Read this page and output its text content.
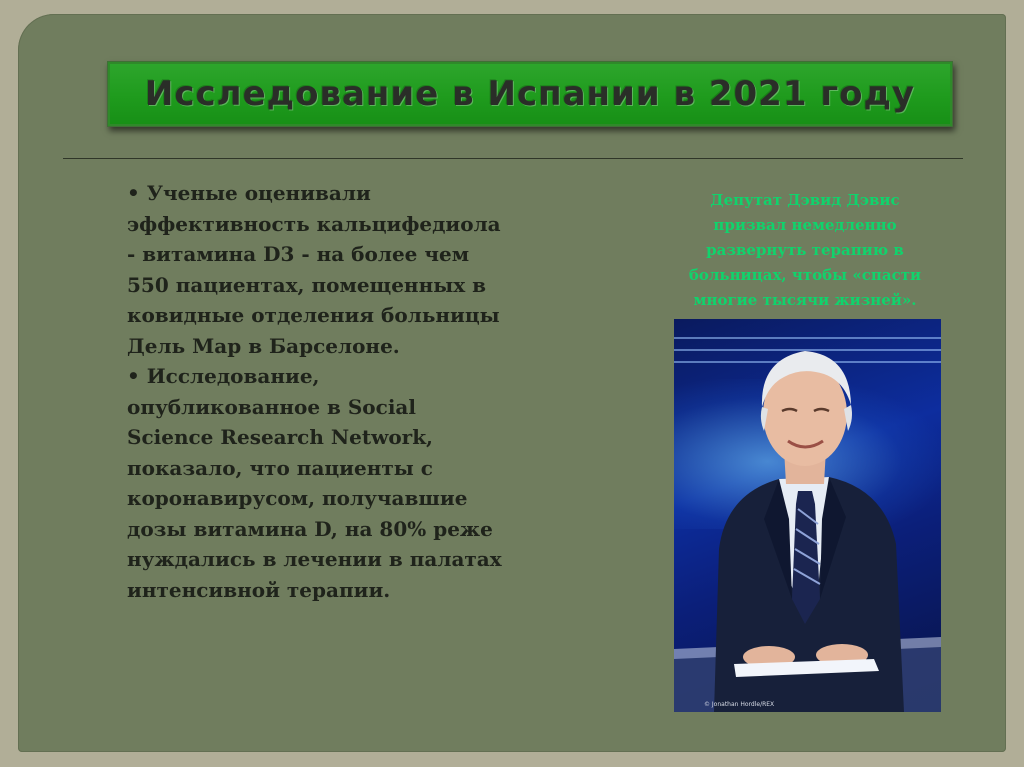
Исследование в Испании в 2021 году

• Ученые оценивали эффективность кальцифедиола - витамина D3 - на более чем 550 пациентах, помещенных в ковидные отделения больницы Дель Мар в Барселоне.

• Исследование, опубликованное в Social Science Research Network, показало, что пациенты с коронавирусом, получавшие дозы витамина D, на 80% реже нуждались в лечении в палатах интенсивной терапии.

Депутат Дэвид Дэвис призвал немедленно развернуть терапию в больницах, чтобы «спасти многие тысячи жизней».
© Jonathan Hordle/REX
